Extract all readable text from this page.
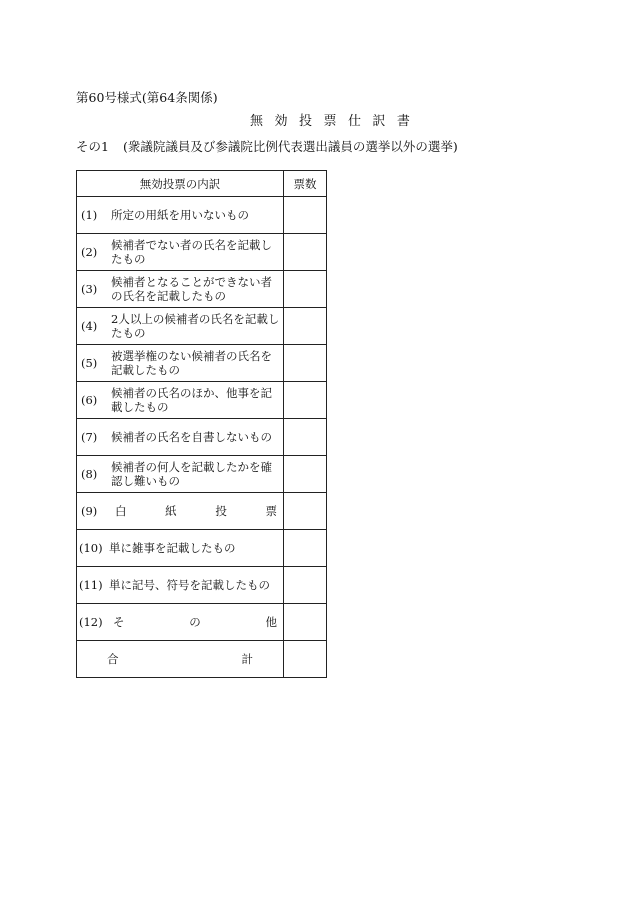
第60号様式(第64条関係)
無 効 投 票 仕 訳 書
その1 (衆議院議員及び参議院比例代表選出議員の選挙以外の選挙)
無効投票の内訳	票数

(1) 所定の用紙を用いないもの	

(2) 候補者でない者の氏名を記載したもの	

(3) 候補者となることができない者の氏名を記載したもの	

(4) 2人以上の候補者の氏名を記載したもの	

(5) 被選挙権のない候補者の氏名を記載したもの	

(6) 候補者の氏名のほか、他事を記載したもの	

(7) 候補者の氏名を自書しないもの	

(8) 候補者の何人を記載したかを確認し難いもの	

(9) 白 紙 投 票	

(10) 単に雑事を記載したもの	

(11) 単に記号、符号を記載したもの	

(12) そ の 他	

合 計	
